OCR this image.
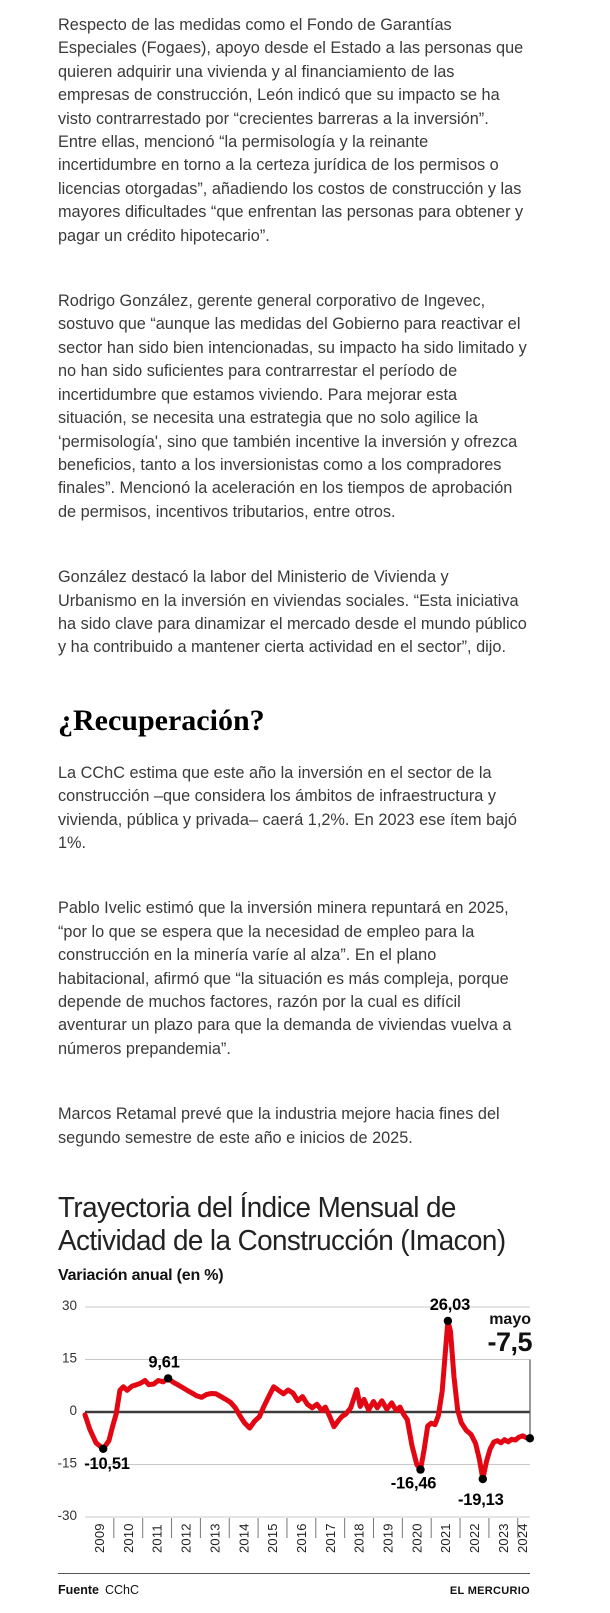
Respecto de las medidas como el Fondo de Garantías Especiales (Fogaes), apoyo desde el Estado a las personas que quieren adquirir una vivienda y al financiamiento de las empresas de construcción, León indicó que su impacto se ha visto contrarrestado por “crecientes barreras a la inversión”. Entre ellas, mencionó “la permisología y la reinante incertidumbre en torno a la certeza jurídica de los permisos o licencias otorgadas”, añadiendo los costos de construcción y las mayores dificultades “que enfrentan las personas para obtener y pagar un crédito hipotecario”.

Rodrigo González, gerente general corporativo de Ingevec, sostuvo que “aunque las medidas del Gobierno para reactivar el sector han sido bien intencionadas, su impacto ha sido limitado y no han sido suficientes para contrarrestar el período de incertidumbre que estamos viviendo. Para mejorar esta situación, se necesita una estrategia que no solo agilice la ‘permisología', sino que también incentive la inversión y ofrezca beneficios, tanto a los inversionistas como a los compradores finales”. Mencionó la aceleración en los tiempos de aprobación de permisos, incentivos tributarios, entre otros.

González destacó la labor del Ministerio de Vivienda y Urbanismo en la inversión en viviendas sociales. “Esta iniciativa ha sido clave para dinamizar el mercado desde el mundo público y ha contribuido a mantener cierta actividad en el sector”, dijo.

¿Recuperación?

La CChC estima que este año la inversión en el sector de la construcción –que considera los ámbitos de infraestructura y vivienda, pública y privada– caerá 1,2%. En 2023 ese ítem bajó 1%.

Pablo Ivelic estimó que la inversión minera repuntará en 2025, “por lo que se espera que la necesidad de empleo para la construcción en la minería varíe al alza”. En el plano habitacional, afirmó que “la situación es más compleja, porque depende de muchos factores, razón por la cual es difícil aventurar un plazo para que la demanda de viviendas vuelva a números prepandemia”.

Marcos Retamal prevé que la industria mejore hacia fines del segundo semestre de este año e inicios de 2025.

Trayectoria del Índice Mensual de
Actividad de la Construcción (Imacon)
Variación anual (en %)
30
15
0
-15
-30
2009 2010 2011 2012 2013 2014 2015 2016 2017 2018 2019 2020 2021 2022 2023 2024
-10,51
9,61
-16,46
26,03
-19,13
mayo
-7,5
Fuente CChC	EL MERCURIO
